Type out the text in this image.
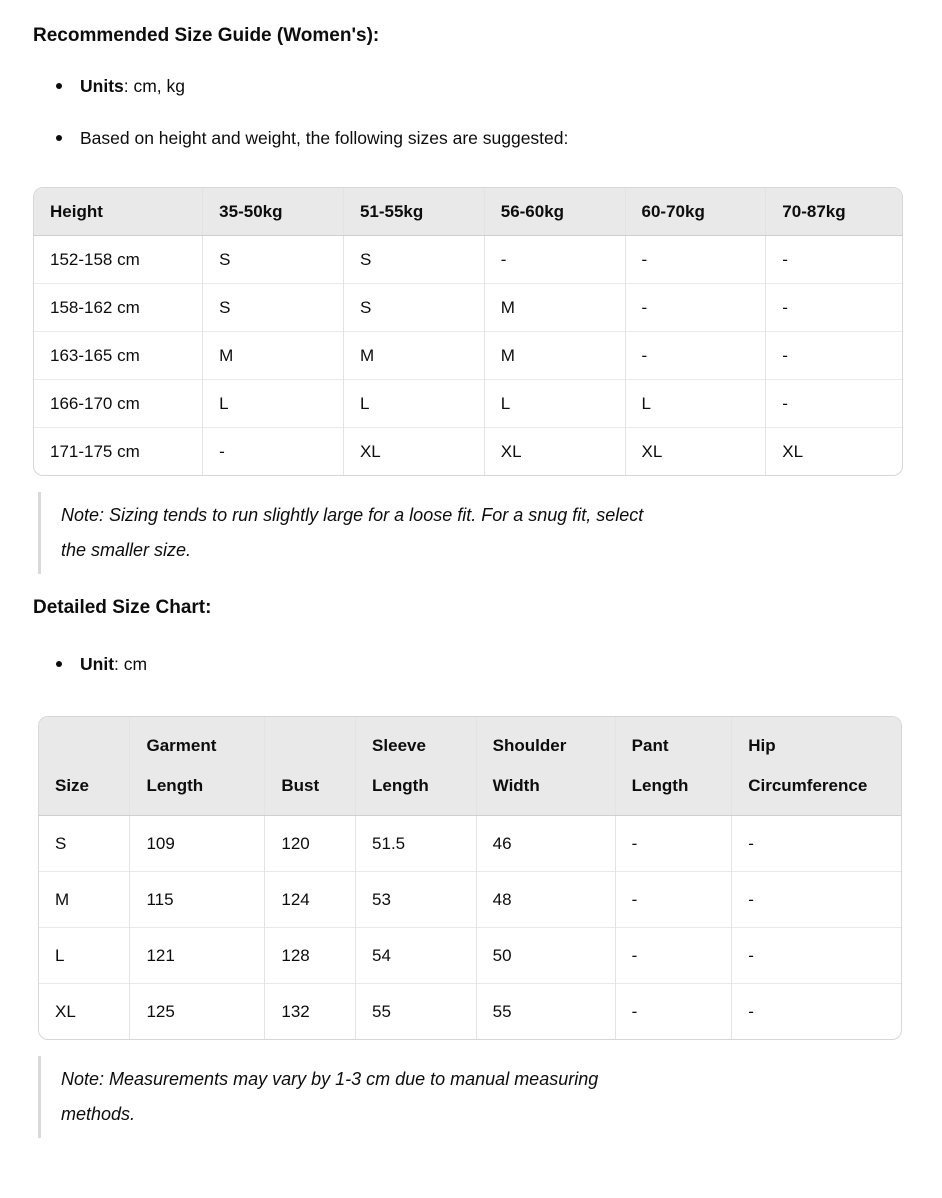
Recommended Size Guide (Women's):
Units: cm, kg
Based on height and weight, the following sizes are suggested:
Height	35-50kg	51-55kg	56-60kg	60-70kg	70-87kg
152-158 cm	S	S	-	-	-
158-162 cm	S	S	M	-	-
163-165 cm	M	M	M	-	-
166-170 cm	L	L	L	L	-
171-175 cm	-	XL	XL	XL	XL

Note: Sizing tends to run slightly large for a loose fit. For a snug fit, select
the smaller size.

Detailed Size Chart:
Unit: cm
Size	Garment Length	Bust	Sleeve Length	Shoulder Width	Pant Length	Hip Circumference
S	109	120	51.5	46	-	-
M	115	124	53	48	-	-
L	121	128	54	50	-	-
XL	125	132	55	55	-	-

Note: Measurements may vary by 1-3 cm due to manual measuring
methods.
